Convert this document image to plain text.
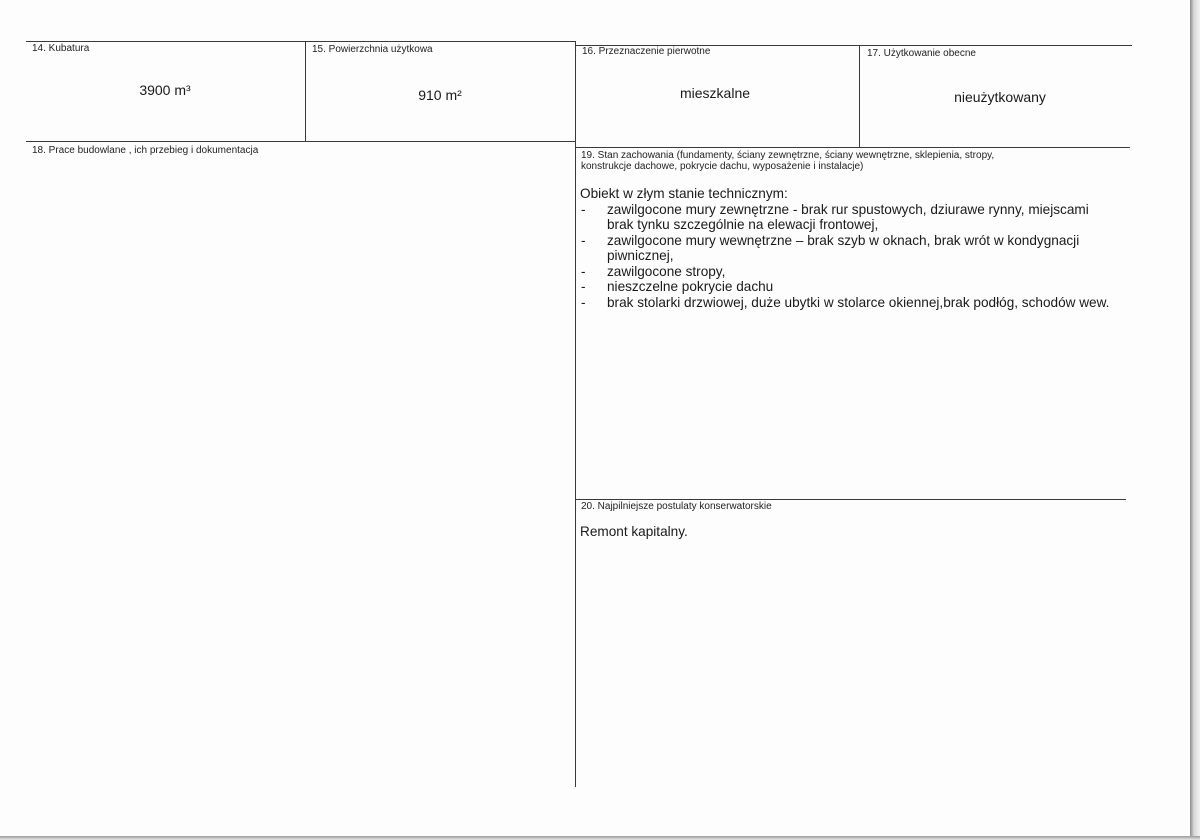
14. Kubatura
3900 m³
15. Powierzchnia użytkowa
910 m²
16. Przeznaczenie pierwotne
mieszkalne
17. Użytkowanie obecne
nieużytkowany
18. Prace budowlane , ich przebieg i dokumentacja	19. Stan zachowania (fundamenty, ściany zewnętrzne, ściany wewnętrzne, sklepienia, stropy,
konstrukcje dachowe, pokrycie dachu, wyposażenie i instalacje)
Obiekt w złym stanie technicznym:
- zawilgocone mury zewnętrzne - brak rur spustowych, dziurawe rynny, miejscami brak tynku szczególnie na elewacji frontowej,
- zawilgocone mury wewnętrzne – brak szyb w oknach, brak wrót w kondygnacji piwnicznej,
- zawilgocone stropy,
- nieszczelne pokrycie dachu
- brak stolarki drzwiowej, duże ubytki w stolarce okiennej,brak podłóg, schodów wew.
20. Najpilniejsze postulaty konserwatorskie
Remont kapitalny.
